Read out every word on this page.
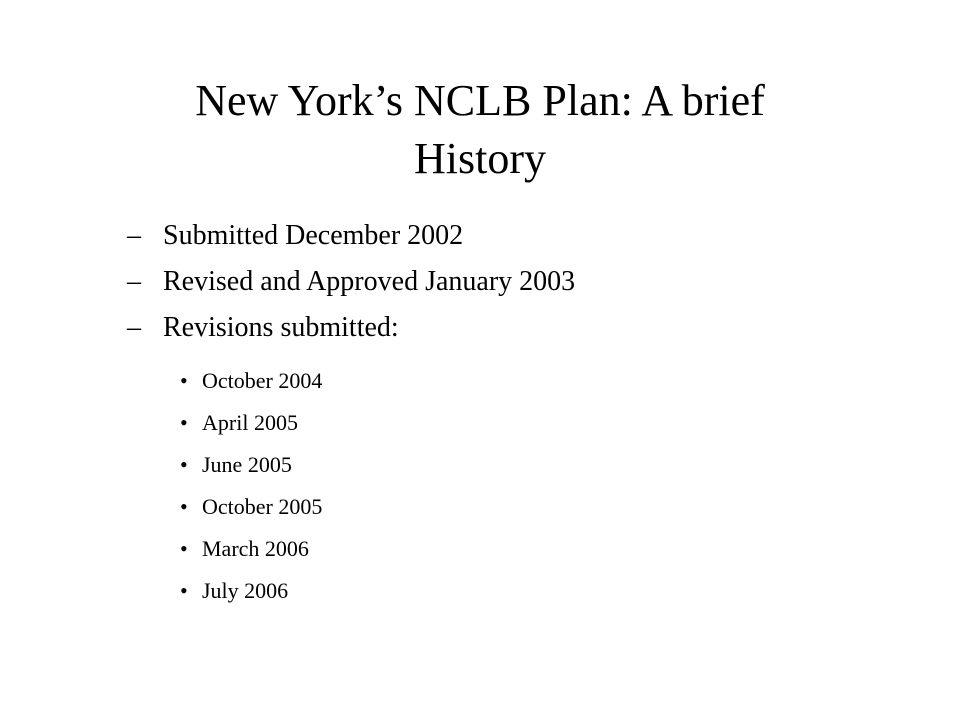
New York’s NCLB Plan: A brief
History
– Submitted December 2002
– Revised and Approved January 2003
– Revisions submitted:
• October 2004
• April 2005
• June 2005
• October 2005
• March 2006
• July 2006
